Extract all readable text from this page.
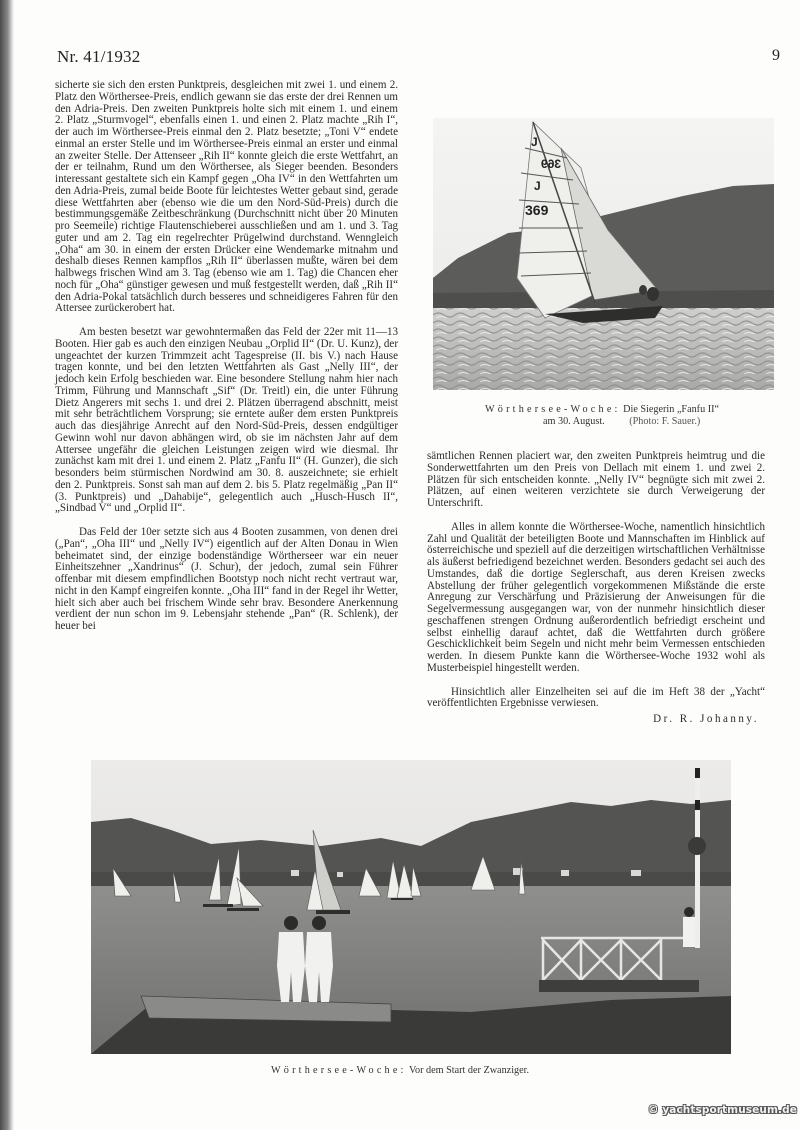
Nr. 41/1932	9

sicherte sie sich den ersten Punktpreis, desgleichen mit zwei 1. und einem 2. Platz den Wörthersee-Preis, endlich gewann sie das erste der drei Rennen um den Adria-Preis. Den zweiten Punktpreis holte sich mit einem 1. und einem 2. Platz „Sturmvogel“, ebenfalls einen 1. und einen 2. Platz machte „Rih I“, der auch im Wörthersee-Preis einmal den 2. Platz besetzte; „Toni V“ endete einmal an erster Stelle und im Wörthersee-Preis einmal an erster und einmal an zweiter Stelle. Der Attenseer „Rih II“ konnte gleich die erste Wettfahrt, an der er teilnahm, Rund um den Wörthersee, als Sieger beenden. Besonders interessant gestaltete sich ein Kampf gegen „Oha IV“ in den Wettfahrten um den Adria-Preis, zumal beide Boote für leichtestes Wetter gebaut sind, gerade diese Wettfahrten aber (ebenso wie die um den Nord-Süd-Preis) durch die bestimmungsgemäße Zeitbeschränkung (Durchschnitt nicht über 20 Minuten pro Seemeile) richtige Flautenschieberei ausschließen und am 1. und 3. Tag guter und am 2. Tag ein regelrechter Prügelwind durchstand. Wenngleich „Oha“ am 30. in einem der ersten Drücker eine Wendemarke mitnahm und deshalb dieses Rennen kampflos „Rih II“ überlassen mußte, wären bei dem halbwegs frischen Wind am 3. Tag (ebenso wie am 1. Tag) die Chancen eher noch für „Oha“ günstiger gewesen und muß festgestellt werden, daß „Rih II“ den Adria-Pokal tatsächlich durch besseres und schneidigeres Fahren für den Attersee zurückerobert hat.

Am besten besetzt war gewohntermaßen das Feld der 22er mit 11—13 Booten. Hier gab es auch den einzigen Neubau „Orplid II“ (Dr. U. Kunz), der ungeachtet der kurzen Trimmzeit acht Tagespreise (II. bis V.) nach Hause tragen konnte, und bei den letzten Wettfahrten als Gast „Nelly III“, der jedoch kein Erfolg beschieden war. Eine besondere Stellung nahm hier nach Trimm, Führung und Mannschaft „Sif“ (Dr. Treitl) ein, die unter Führung Dietz Angerers mit sechs 1. und drei 2. Plätzen überragend abschnitt, meist mit sehr beträchtlichem Vorsprung; sie erntete außer dem ersten Punktpreis auch das diesjährige Anrecht auf den Nord-Süd-Preis, dessen endgültiger Gewinn wohl nur davon abhängen wird, ob sie im nächsten Jahr auf dem Attersee ungefähr die gleichen Leistungen zeigen wird wie diesmal. Ihr zunächst kam mit drei 1. und einem 2. Platz „Fanfu II“ (H. Gunzer), die sich besonders beim stürmischen Nordwind am 30. 8. auszeichnete; sie erhielt den 2. Punktpreis. Sonst sah man auf dem 2. bis 5. Platz regelmäßig „Pan II“ (3. Punktpreis) und „Dahabije“, gelegentlich auch „Husch-Husch II“, „Sindbad V“ und „Orplid II“.

Das Feld der 10er setzte sich aus 4 Booten zusammen, von denen drei („Pan“, „Oha III“ und „Nelly IV“) eigentlich auf der Alten Donau in Wien beheimatet sind, der einzige bodenständige Wörtherseer war ein neuer Einheitszehner „Xandrinus“ (J. Schur), der jedoch, zumal sein Führer offenbar mit diesem empfindlichen Bootstyp noch nicht recht vertraut war, nicht in den Kampf eingreifen konnte. „Oha III“ fand in der Regel ihr Wetter, hielt sich aber auch bei frischem Winde sehr brav. Besondere Anerkennung verdient der nun schon im 9. Lebensjahr stehende „Pan“ (R. Schlenk), der heuer bei

J
369
J
369
Wörthersee-Woche: Die Siegerin „Fanfu II“
am 30. August. (Photo: F. Sauer.)

sämtlichen Rennen placiert war, den zweiten Punktpreis heimtrug und die Sonderwettfahrten um den Preis von Dellach mit einem 1. und zwei 2. Plätzen für sich entscheiden konnte. „Nelly IV“ begnügte sich mit zwei 2. Plätzen, auf einen weiteren verzichtete sie durch Verweigerung der Unterschrift.

Alles in allem konnte die Wörthersee-Woche, namentlich hinsichtlich Zahl und Qualität der beteiligten Boote und Mannschaften im Hinblick auf österreichische und speziell auf die derzeitigen wirtschaftlichen Verhältnisse als äußerst befriedigend bezeichnet werden. Besonders gedacht sei auch des Umstandes, daß die dortige Seglerschaft, aus deren Kreisen zwecks Abstellung der früher gelegentlich vorgekommenen Mißstände die erste Anregung zur Verschärfung und Präzisierung der Anweisungen für die Segelvermessung ausgegangen war, von der nunmehr hinsichtlich dieser geschaffenen strengen Ordnung außerordentlich befriedigt erscheint und selbst einhellig darauf achtet, daß die Wettfahrten durch größere Geschicklichkeit beim Segeln und nicht mehr beim Vermessen entschieden werden. In diesem Punkte kann die Wörthersee-Woche 1932 wohl als Musterbeispiel hingestellt werden.

Hinsichtlich aller Einzelheiten sei auf die im Heft 38 der „Yacht“ veröffentlichten Ergebnisse verwiesen.

Dr. R. Johanny.

Wörthersee-Woche: Vor dem Start der Zwanziger.
© yachtsportmuseum.de
